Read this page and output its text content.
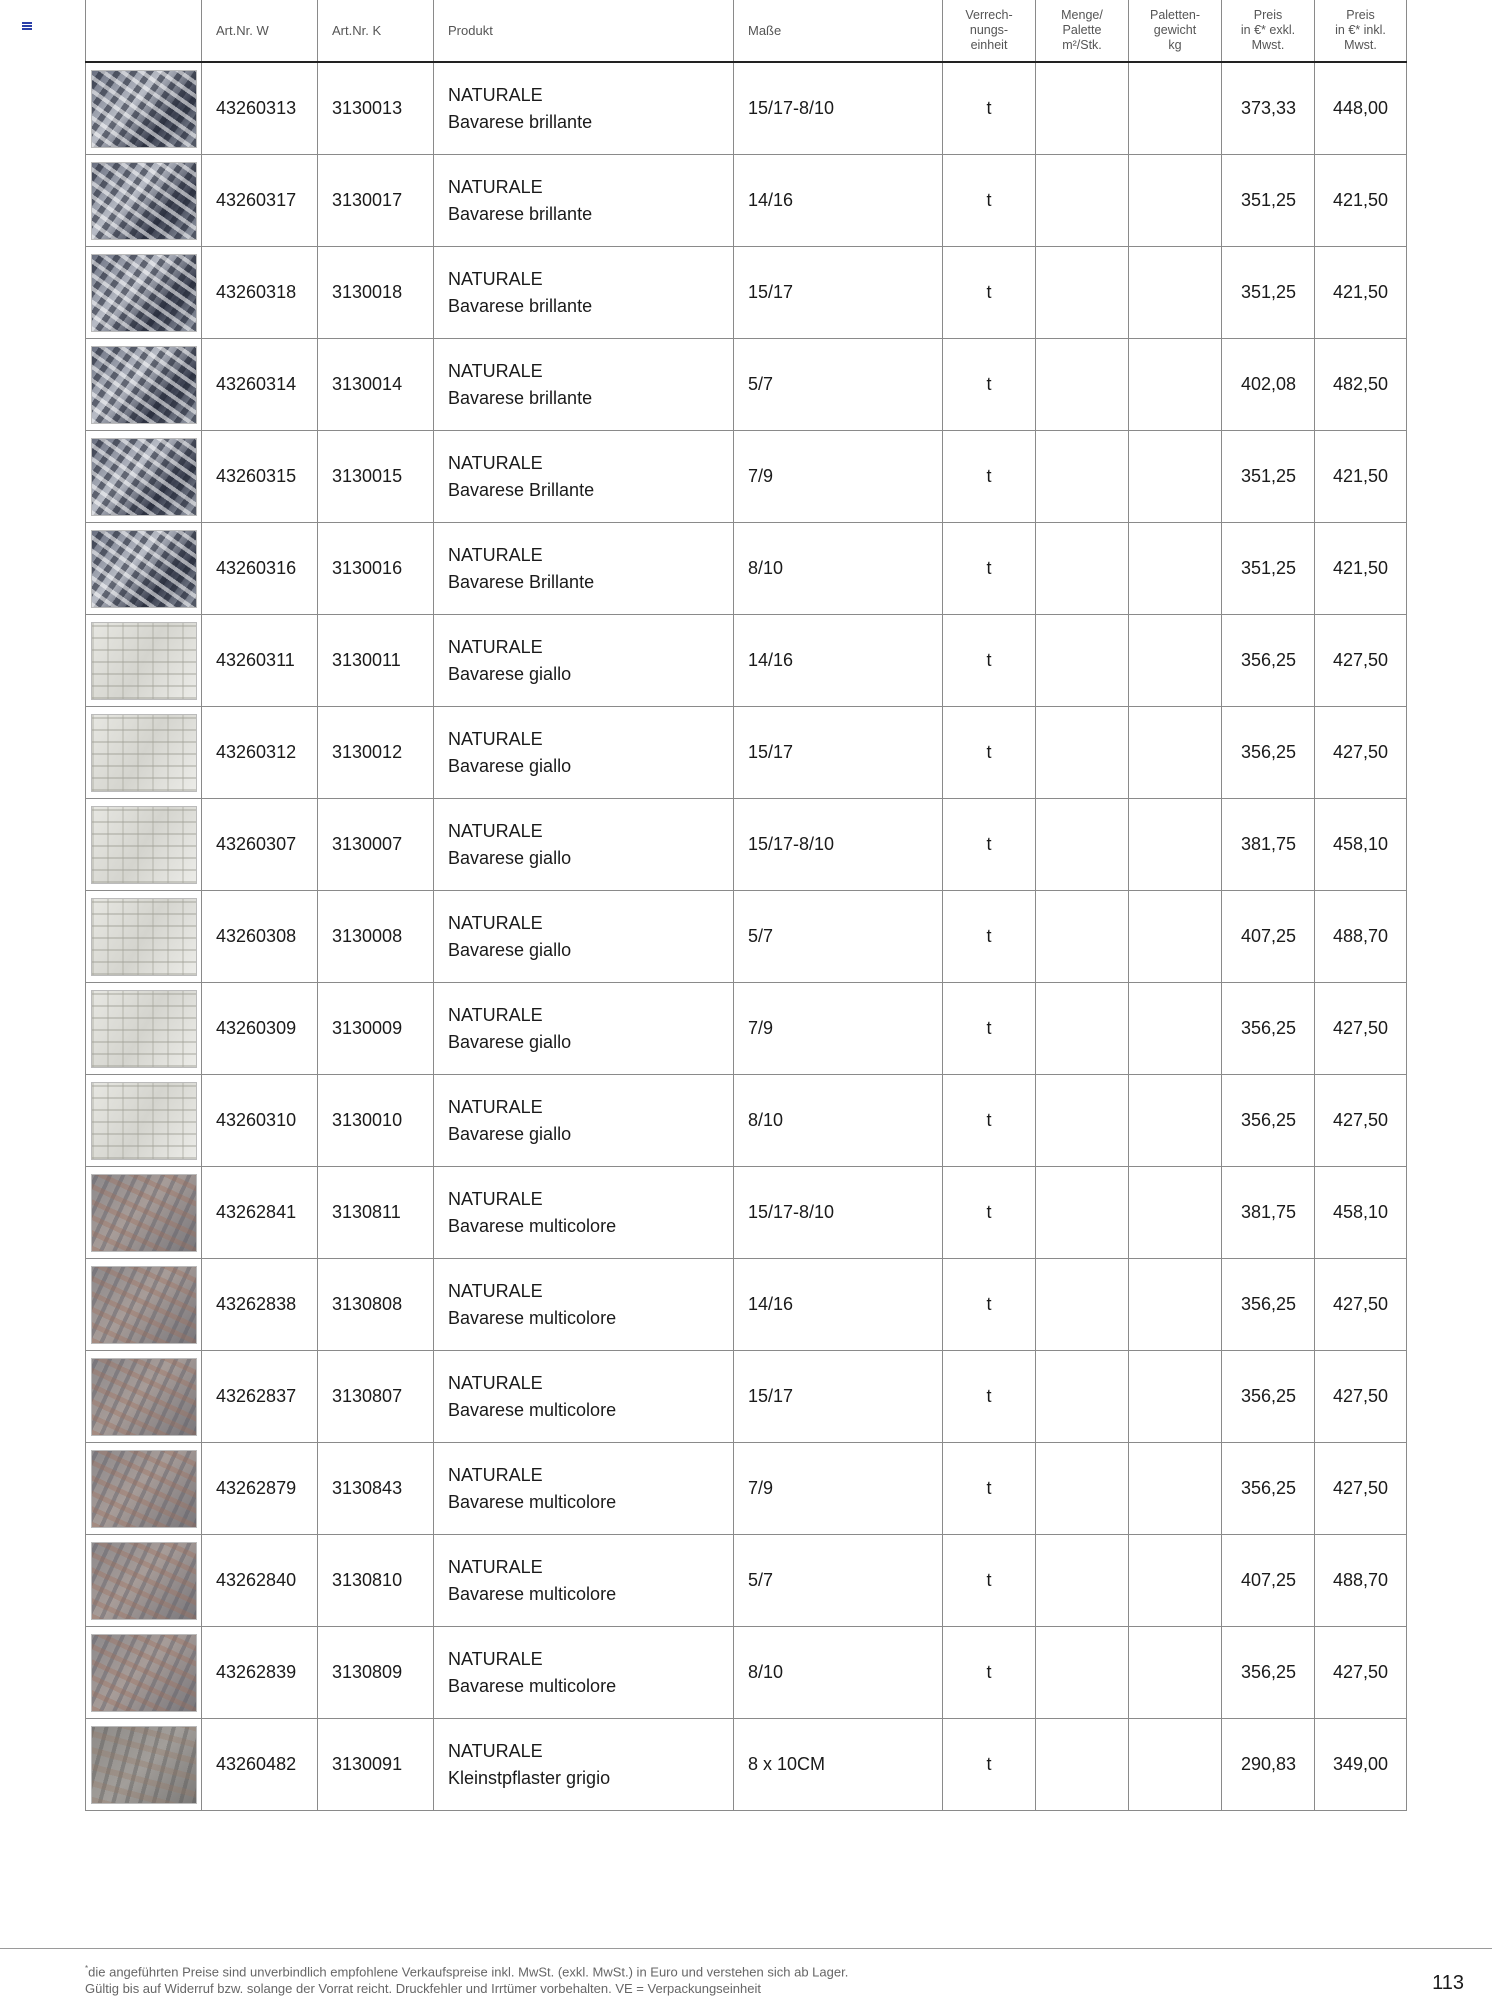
	Art.Nr. W	Art.Nr. K	Produkt	Maße	Verrech-
nungs-
einheit	Menge/
Palette
m²/Stk.	Paletten-
gewicht
kg	Preis
in €* exkl.
Mwst.	Preis
in €* inkl.
Mwst.

	43260313	3130013	NATURALE
Bavarese brillante	15/17-8/10	t			373,33	448,00

	43260317	3130017	NATURALE
Bavarese brillante	14/16	t			351,25	421,50

	43260318	3130018	NATURALE
Bavarese brillante	15/17	t			351,25	421,50

	43260314	3130014	NATURALE
Bavarese brillante	5/7	t			402,08	482,50

	43260315	3130015	NATURALE
Bavarese Brillante	7/9	t			351,25	421,50

	43260316	3130016	NATURALE
Bavarese Brillante	8/10	t			351,25	421,50

	43260311	3130011	NATURALE
Bavarese giallo	14/16	t			356,25	427,50

	43260312	3130012	NATURALE
Bavarese giallo	15/17	t			356,25	427,50

	43260307	3130007	NATURALE
Bavarese giallo	15/17-8/10	t			381,75	458,10

	43260308	3130008	NATURALE
Bavarese giallo	5/7	t			407,25	488,70

	43260309	3130009	NATURALE
Bavarese giallo	7/9	t			356,25	427,50

	43260310	3130010	NATURALE
Bavarese giallo	8/10	t			356,25	427,50

	43262841	3130811	NATURALE
Bavarese multicolore	15/17-8/10	t			381,75	458,10

	43262838	3130808	NATURALE
Bavarese multicolore	14/16	t			356,25	427,50

	43262837	3130807	NATURALE
Bavarese multicolore	15/17	t			356,25	427,50

	43262879	3130843	NATURALE
Bavarese multicolore	7/9	t			356,25	427,50

	43262840	3130810	NATURALE
Bavarese multicolore	5/7	t			407,25	488,70

	43262839	3130809	NATURALE
Bavarese multicolore	8/10	t			356,25	427,50

	43260482	3130091	NATURALE
Kleinstpflaster grigio	8 x 10CM	t			290,83	349,00
*die angeführten Preise sind unverbindlich empfohlene Verkaufspreise inkl. MwSt. (exkl. MwSt.) in Euro und verstehen sich ab Lager.
Gültig bis auf Widerruf bzw. solange der Vorrat reicht. Druckfehler und Irrtümer vorbehalten. VE = Verpackungseinheit	113
